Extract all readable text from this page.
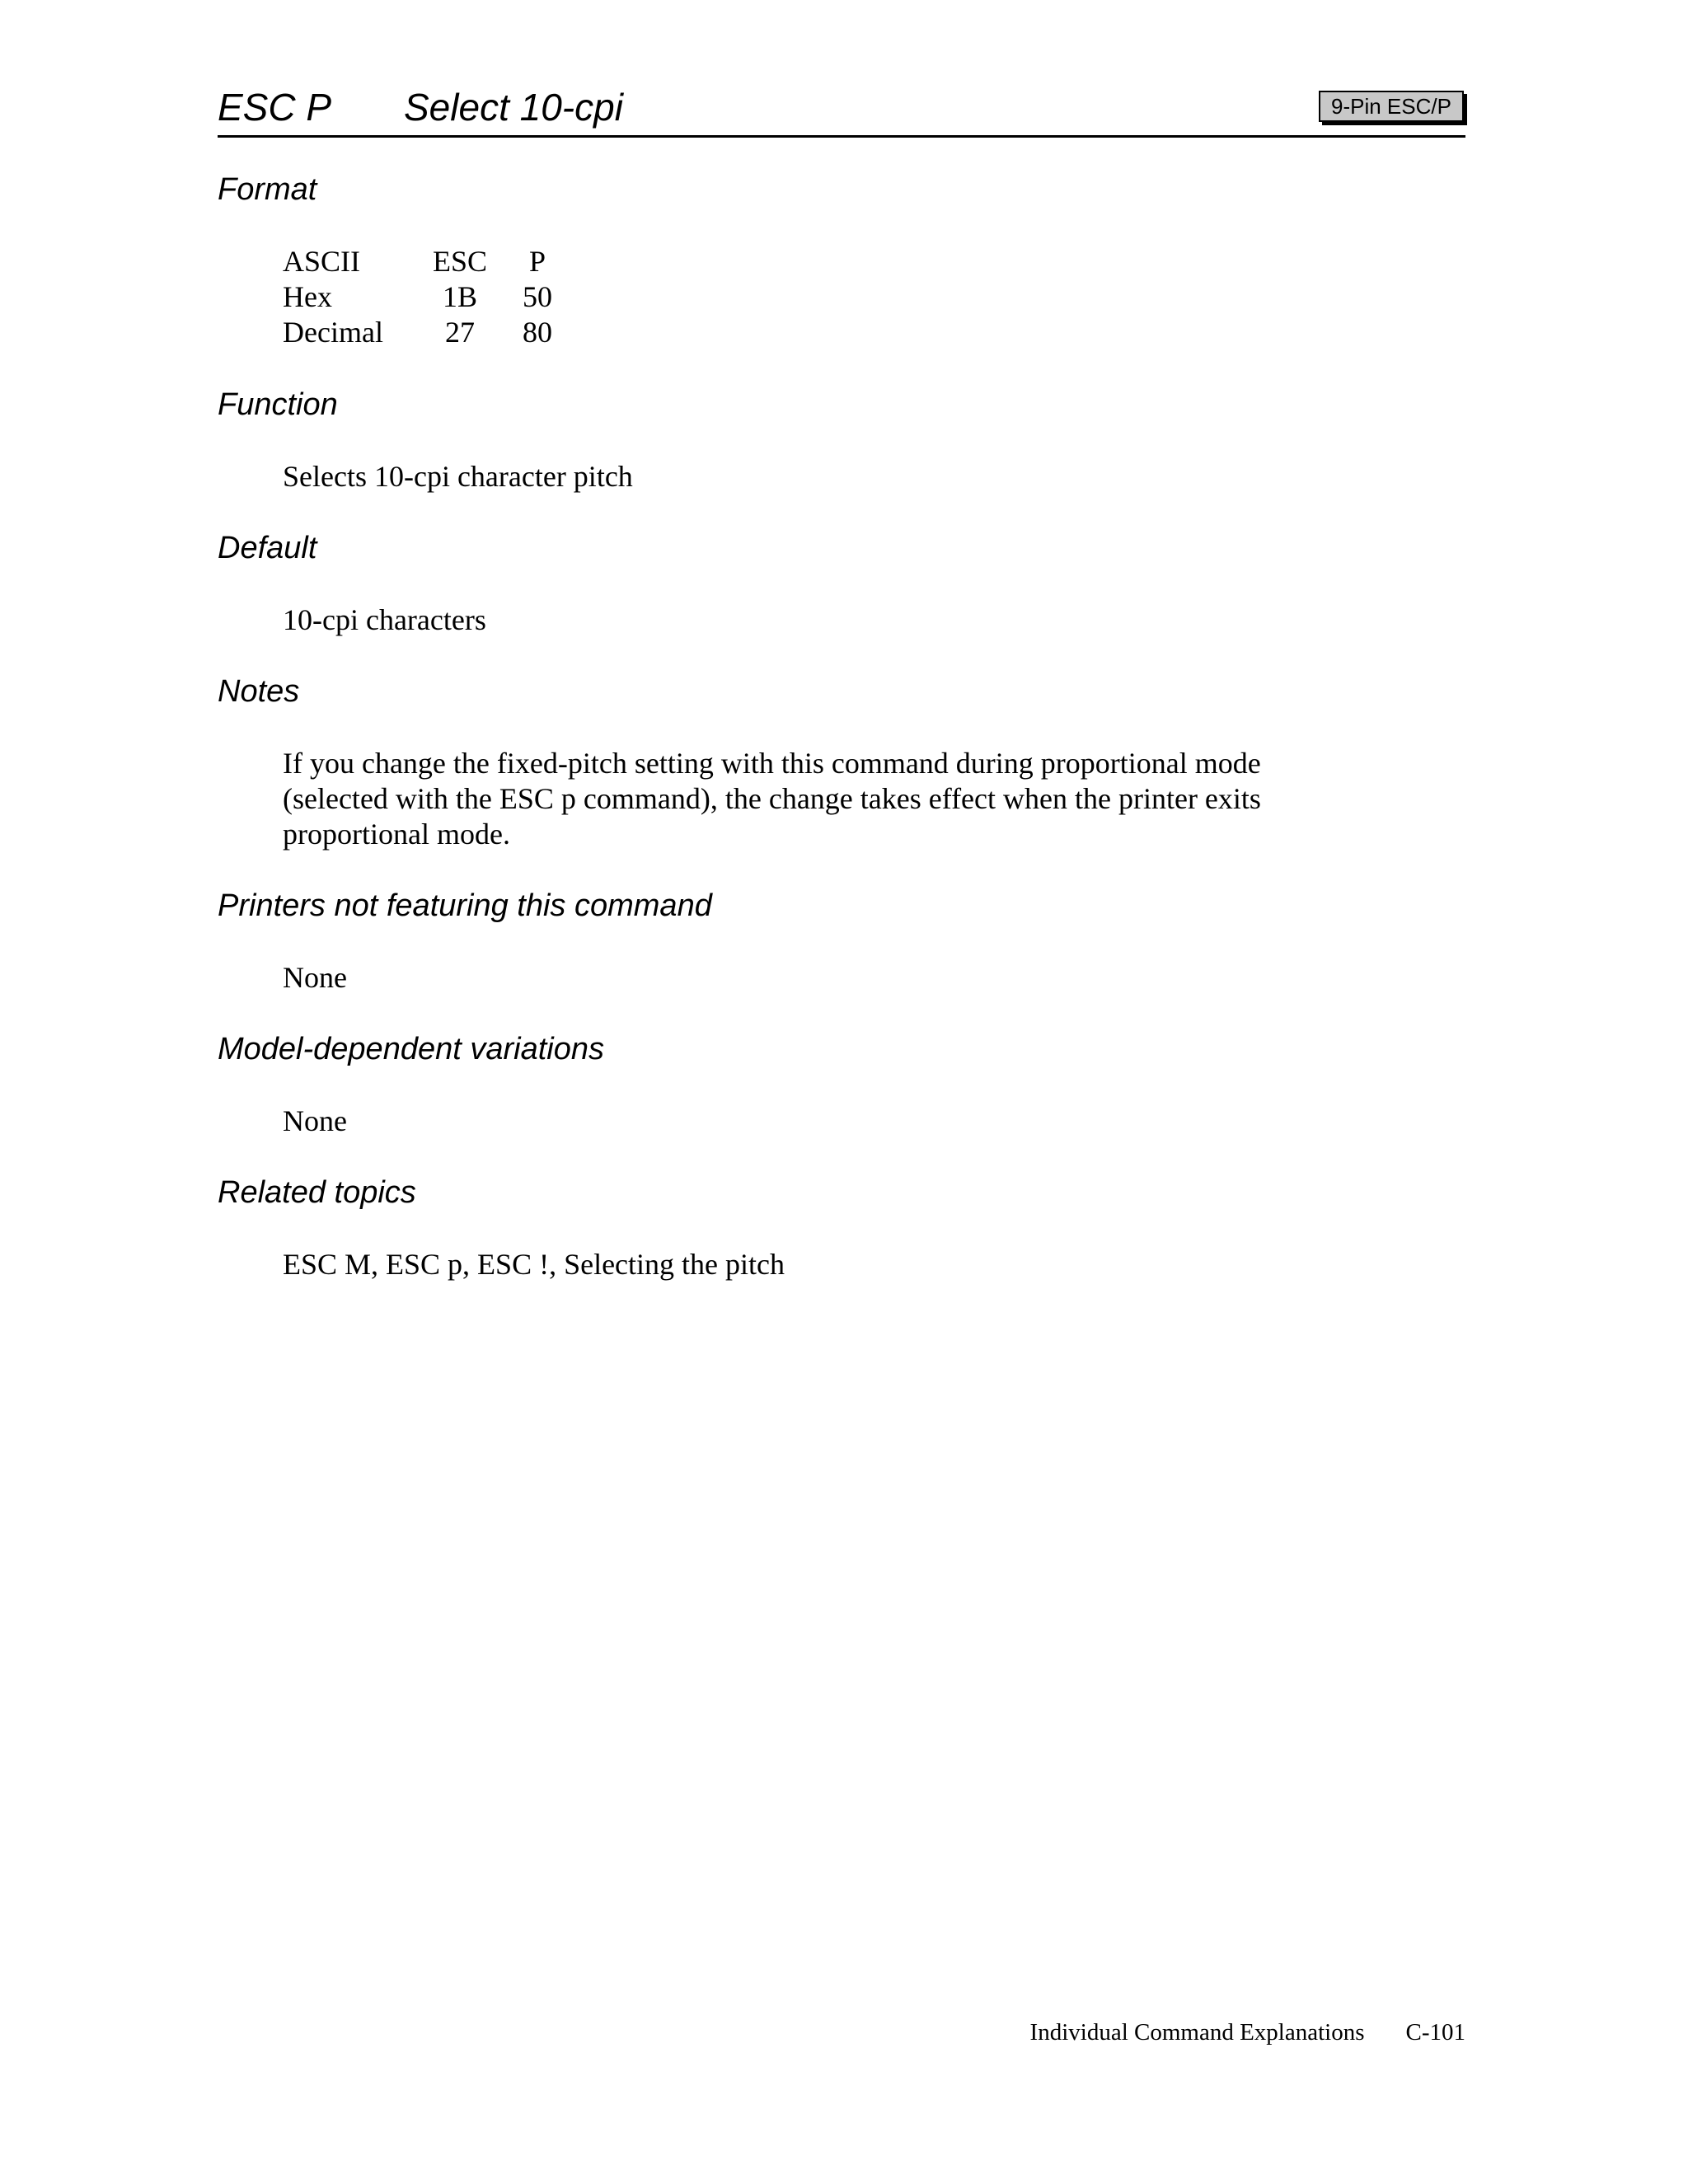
ESC P Select 10-cpi	9-Pin ESC/P
Format
ASCII	ESC	P
Hex	1B	50
Decimal	27	80
Function
Selects 10-cpi character pitch
Default
10-cpi characters
Notes
If you change the fixed-pitch setting with this command during proportional mode
(selected with the ESC p command), the change takes effect when the printer exits
proportional mode.
Printers not featuring this command
None
Model-dependent variations
None
Related topics
ESC M, ESC p, ESC !, Selecting the pitch
Individual Command Explanations C-101
